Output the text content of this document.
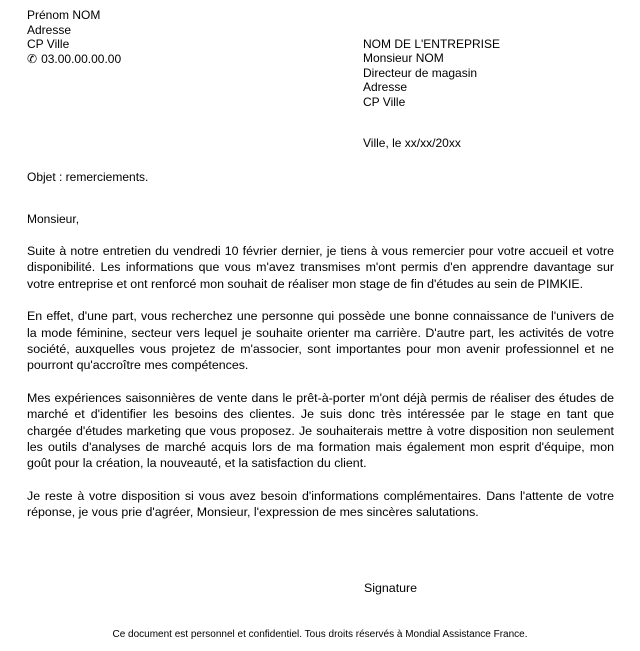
Prénom NOM
Adresse
CP Ville
✆ 03.00.00.00.00
NOM DE L'ENTREPRISE
Monsieur NOM
Directeur de magasin
Adresse
CP Ville
Ville, le xx/xx/20xx
Objet : remerciements.
Monsieur,

Suite à notre entretien du vendredi 10 février dernier, je tiens à vous remercier pour votre accueil et votre disponibilité. Les informations que vous m'avez transmises m'ont permis d'en apprendre davantage sur votre entreprise et ont renforcé mon souhait de réaliser mon stage de fin d'études au sein de PIMKIE.

En effet, d'une part, vous recherchez une personne qui possède une bonne connaissance de l'univers de la mode féminine, secteur vers lequel je souhaite orienter ma carrière. D'autre part, les activités de votre société, auxquelles vous projetez de m'associer, sont importantes pour mon avenir professionnel et ne pourront qu'accroître mes compétences.

Mes expériences saisonnières de vente dans le prêt-à-porter m'ont déjà permis de réaliser des études de marché et d'identifier les besoins des clientes. Je suis donc très intéressée par le stage en tant que chargée d'études marketing que vous proposez. Je souhaiterais mettre à votre disposition non seulement les outils d'analyses de marché acquis lors de ma formation mais également mon esprit d'équipe, mon goût pour la création, la nouveauté, et la satisfaction du client.

Je reste à votre disposition si vous avez besoin d'informations complémentaires. Dans l'attente de votre réponse, je vous prie d'agréer, Monsieur, l'expression de mes sincères salutations.

Signature
Ce document est personnel et confidentiel. Tous droits réservés à Mondial Assistance France.
